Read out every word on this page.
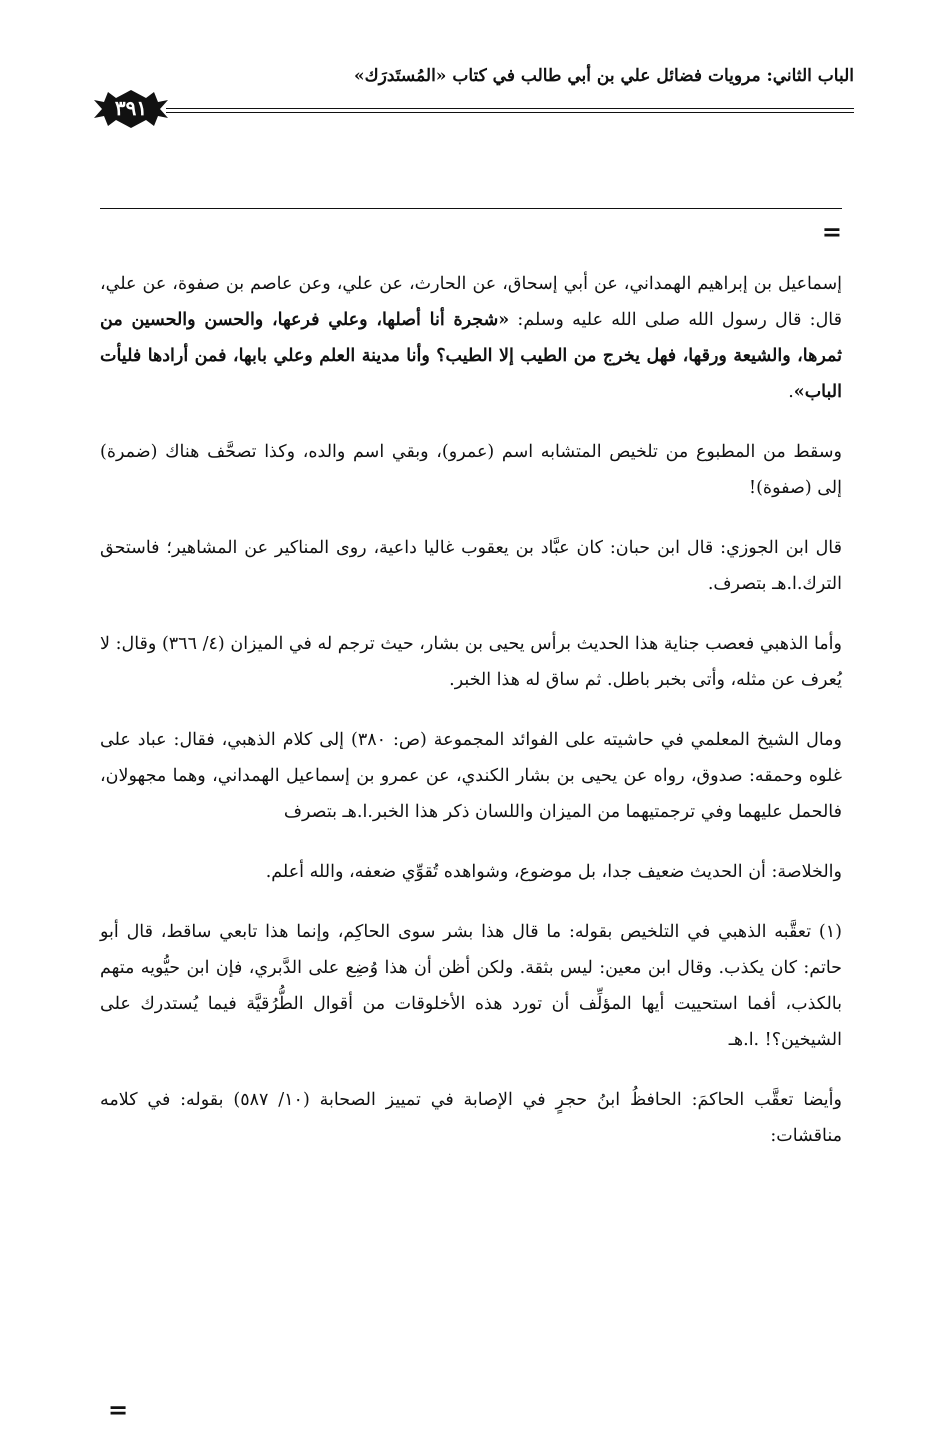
الباب الثاني: مرويات فضائل علي بن أبي طالب في كتاب «المُستَدرَك»
٣٩١
=

إسماعيل بن إبراهيم الهمداني، عن أبي إسحاق، عن الحارث، عن علي، وعن عاصم بن صفوة، عن علي، قال: قال رسول الله صلى الله عليه وسلم: «شجرة أنا أصلها، وعلي فرعها، والحسن والحسين من ثمرها، والشيعة ورقها، فهل يخرج من الطيب إلا الطيب؟ وأنا مدينة العلم وعلي بابها، فمن أرادها فليأت الباب».

وسقط من المطبوع من تلخيص المتشابه اسم (عمرو)، وبقي اسم والده، وكذا تصحَّف هناك (ضمرة) إلى (صفوة)!

قال ابن الجوزي: قال ابن حبان: كان عبَّاد بن يعقوب غاليا داعية، روى المناكير عن المشاهير؛ فاستحق الترك.ا.هـ بتصرف.

وأما الذهبي فعصب جناية هذا الحديث برأس يحيى بن بشار، حيث ترجم له في الميزان (٤/ ٣٦٦) وقال: لا يُعرف عن مثله، وأتى بخبر باطل. ثم ساق له هذا الخبر.

ومال الشيخ المعلمي في حاشيته على الفوائد المجموعة (ص: ٣٨٠) إلى كلام الذهبي، فقال: عباد على غلوه وحمقه: صدوق، رواه عن يحيى بن بشار الكندي، عن عمرو بن إسماعيل الهمداني، وهما مجهولان، فالحمل عليهما وفي ترجمتيهما من الميزان واللسان ذكر هذا الخبر.ا.هـ بتصرف

والخلاصة: أن الحديث ضعيف جدا، بل موضوع، وشواهده تُقوِّي ضعفه، والله أعلم.

(١) تعقَّبه الذهبي في التلخيص بقوله: ما قال هذا بشر سوى الحاكِم، وإنما هذا تابعي ساقط، قال أبو حاتم: كان يكذب. وقال ابن معين: ليس بثقة. ولكن أظن أن هذا وُضِع على الدَّبري، فإن ابن حيُّويه متهم بالكذب، أفما استحييت أيها المؤلِّف أن تورد هذه الأخلوقات من أقوال الطُّرُقيَّة فيما يُستدرك على الشيخين؟! .ا.هـ

وأيضا تعقَّب الحاكمَ: الحافظُ ابنُ حجرٍ في الإصابة في تمييز الصحابة (١٠/ ٥٨٧) بقوله: في كلامه مناقشات:

=
